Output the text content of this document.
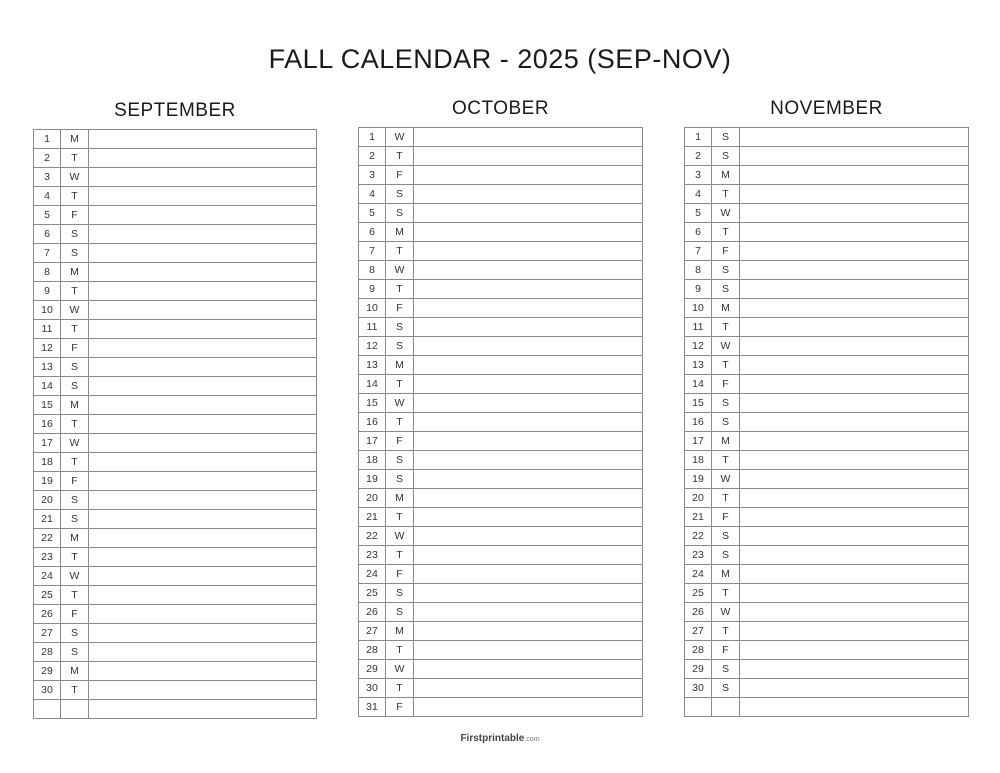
FALL CALENDAR - 2025 (SEP-NOV)
SEPTEMBER
1	M	
2	T	
3	W	
4	T	
5	F	
6	S	
7	S	
8	M	
9	T	
10	W	
11	T	
12	F	
13	S	
14	S	
15	M	
16	T	
17	W	
18	T	
19	F	
20	S	
21	S	
22	M	
23	T	
24	W	
25	T	
26	F	
27	S	
28	S	
29	M	
30	T	

OCTOBER
1	W	
2	T	
3	F	
4	S	
5	S	
6	M	
7	T	
8	W	
9	T	
10	F	
11	S	
12	S	
13	M	
14	T	
15	W	
16	T	
17	F	
18	S	
19	S	
20	M	
21	T	
22	W	
23	T	
24	F	
25	S	
26	S	
27	M	
28	T	
29	W	
30	T	
31	F	
NOVEMBER
1	S	
2	S	
3	M	
4	T	
5	W	
6	T	
7	F	
8	S	
9	S	
10	M	
11	T	
12	W	
13	T	
14	F	
15	S	
16	S	
17	M	
18	T	
19	W	
20	T	
21	F	
22	S	
23	S	
24	M	
25	T	
26	W	
27	T	
28	F	
29	S	
30	S	

Firstprintable.com
